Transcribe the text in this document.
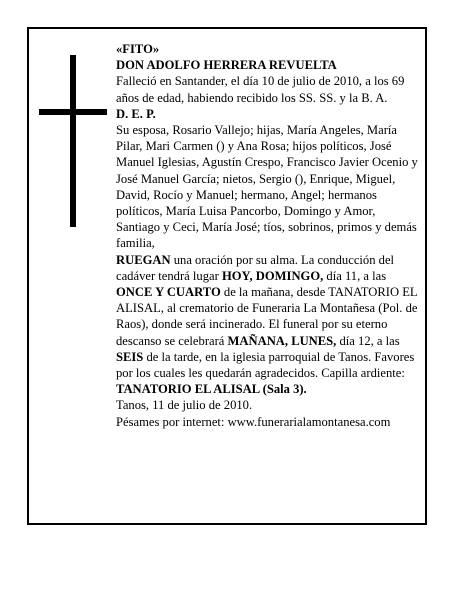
«FITO»

DON ADOLFO HERRERA REVUELTA

Falleció en Santander, el día 10 de julio de 2010, a los 69 años de edad, habiendo recibido los SS. SS. y la B. A.

D. E. P.

Su esposa, Rosario Vallejo; hijas, María Angeles, María Pilar, Mari Carmen () y Ana Rosa; hijos políticos, José Manuel Iglesias, Agustín Crespo, Francisco Javier Ocenio y José Manuel García; nietos, Sergio (), Enrique, Miguel, David, Rocío y Manuel; hermano, Angel; hermanos políticos, María Luisa Pancorbo, Domingo y Amor, Santiago y Ceci, María José; tíos, sobrinos, primos y demás familia,

RUEGAN una oración por su alma. La conducción del cadáver tendrá lugar HOY, DOMINGO, día 11, a las ONCE Y CUARTO de la mañana, desde TANATORIO EL ALISAL, al crematorio de Funeraria La Montañesa (Pol. de Raos), donde será incinerado. El funeral por su eterno descanso se celebrará MAÑANA, LUNES, día 12, a las SEIS de la tarde, en la iglesia parroquial de Tanos. Favores por los cuales les quedarán agradecidos. Capilla ardiente: TANATORIO EL ALISAL (Sala 3).

Tanos, 11 de julio de 2010.

Pésames por internet: www.funerarialamontanesa.com
